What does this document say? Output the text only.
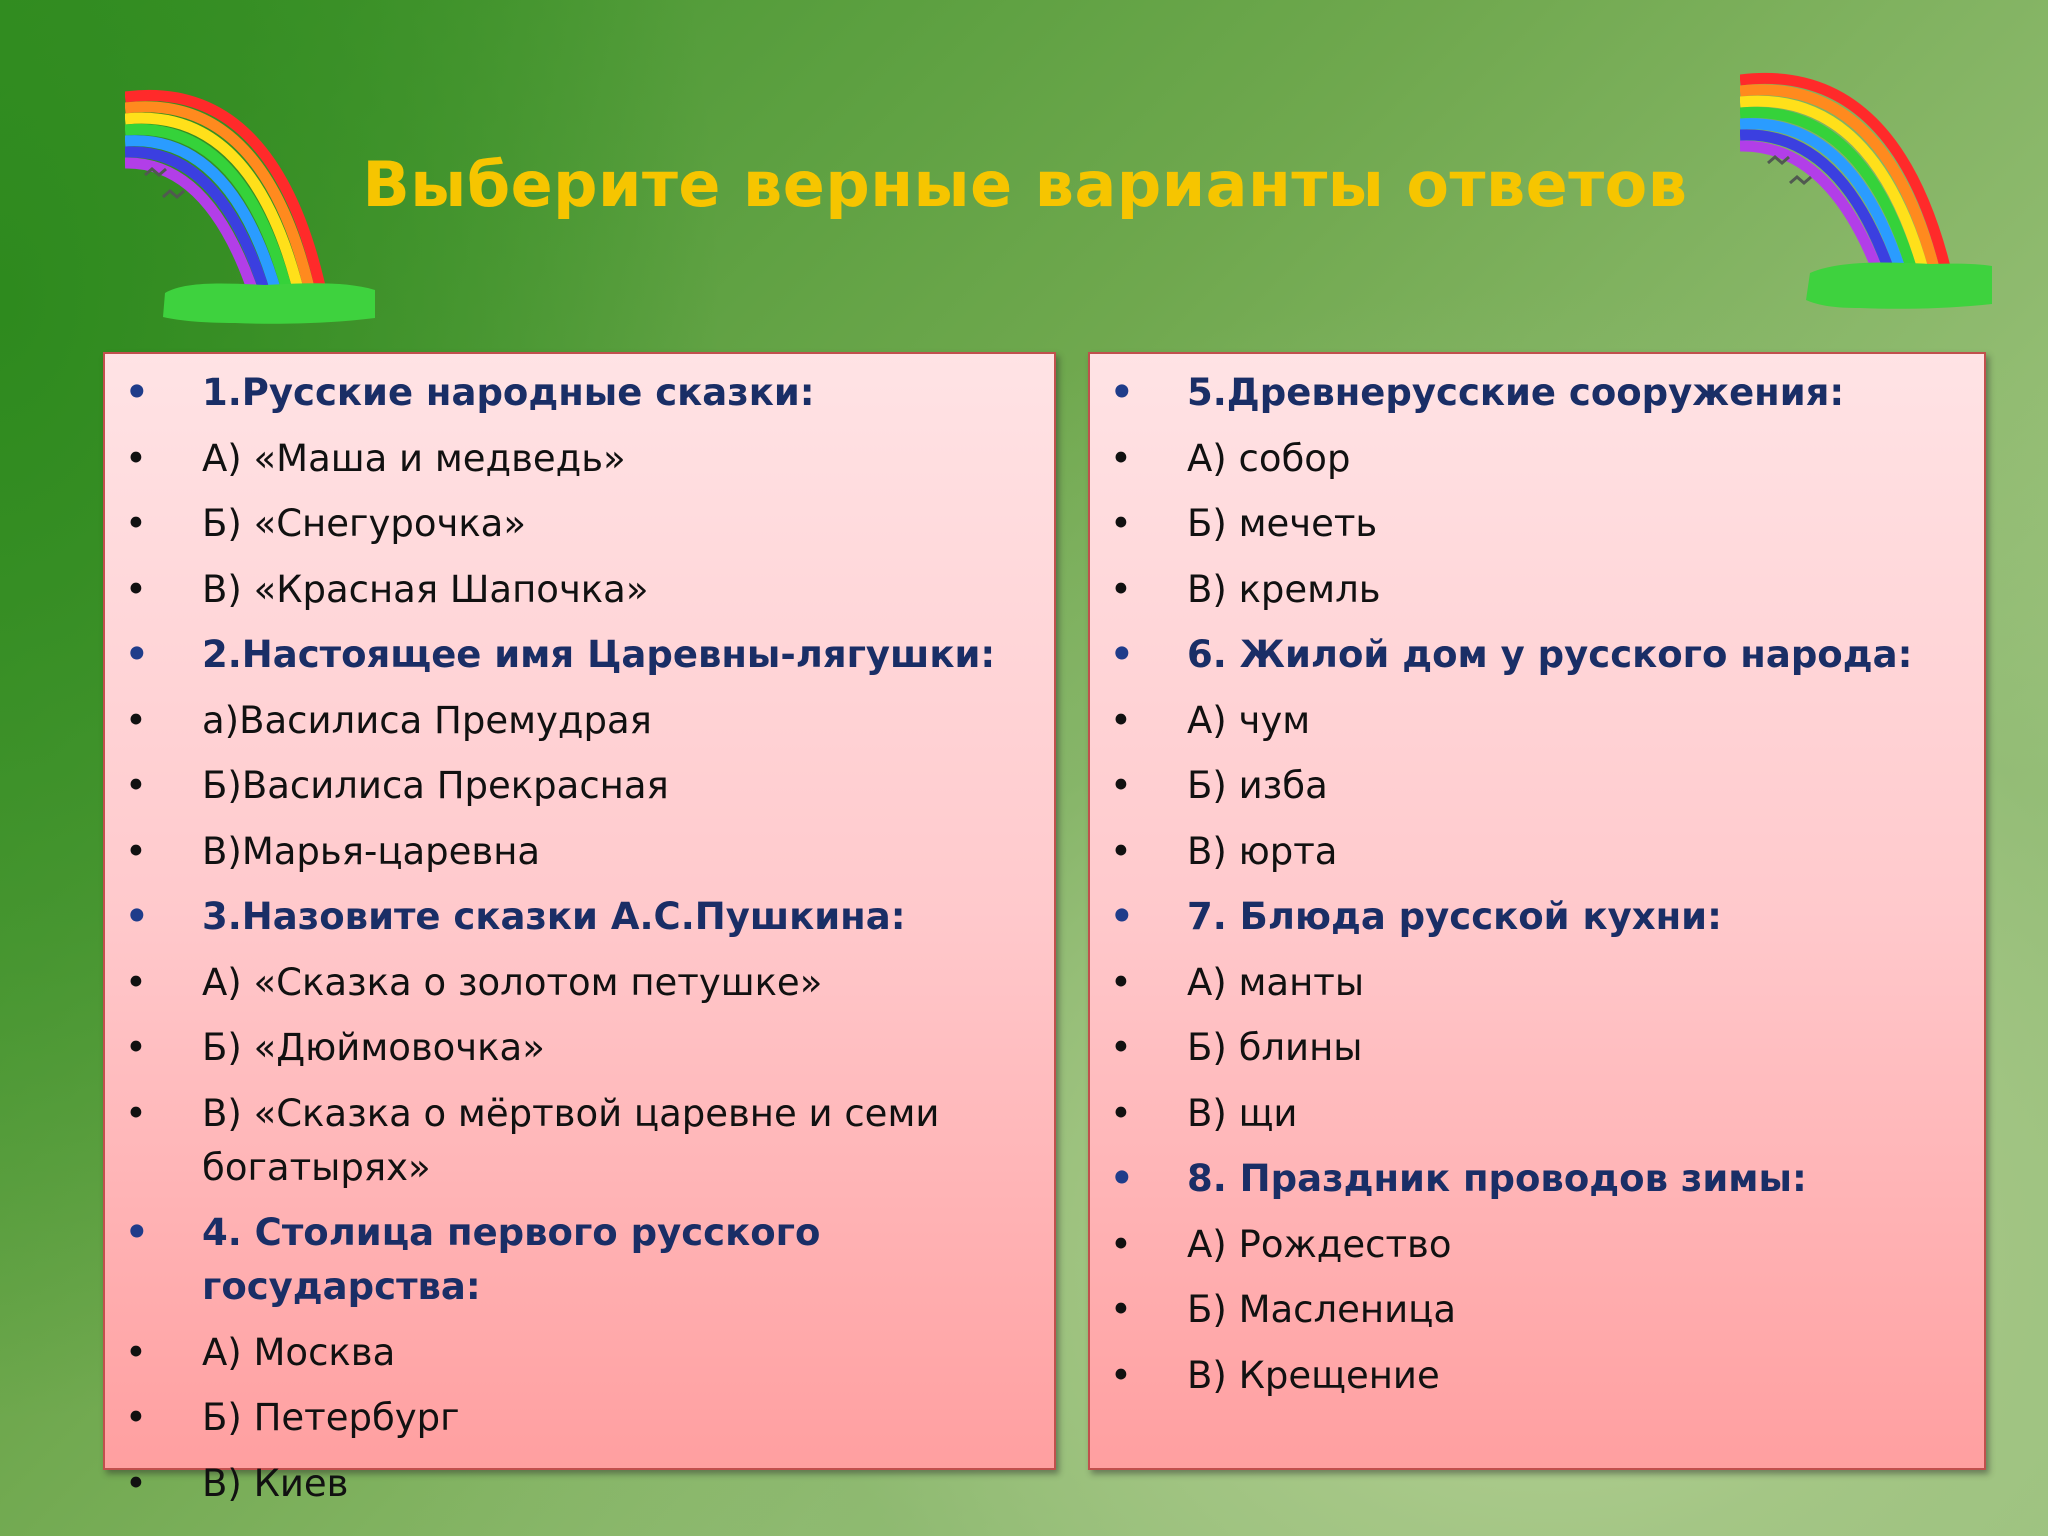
Выберите верные варианты ответов
• 1.Русские народные сказки:
• А) «Маша и медведь»
• Б) «Снегурочка»
• В) «Красная Шапочка»
• 2.Настоящее имя Царевны-лягушки:
• а)Василиса Премудрая
• Б)Василиса Прекрасная
• В)Марья-царевна
• 3.Назовите сказки А.С.Пушкина:
• А) «Сказка о золотом петушке»
• Б) «Дюймовочка»
• В) «Сказка о мёртвой царевне и семи богатырях»
• 4. Столица первого русского государства:
• А) Москва
• Б) Петербург
• В) Киев
• 5.Древнерусские сооружения:
• А) собор
• Б) мечеть
• В) кремль
• 6. Жилой дом у русского народа:
• А) чум
• Б) изба
• В) юрта
• 7. Блюда русской кухни:
• А) манты
• Б) блины
• В) щи
• 8. Праздник проводов зимы:
• А) Рождество
• Б) Масленица
• В) Крещение
